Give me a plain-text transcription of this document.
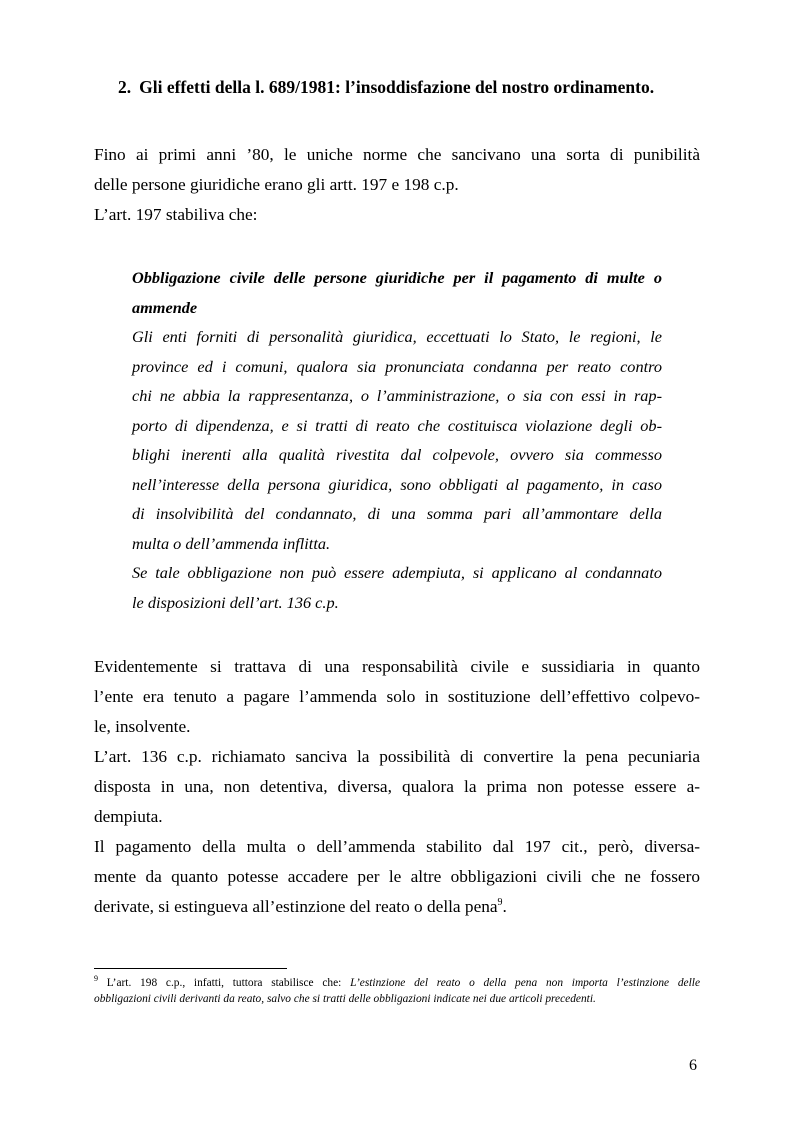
2. Gli effetti della l. 689/1981: l’insoddisfazione del nostro ordinamento.
Fino ai primi anni ’80, le uniche norme che sancivano una sorta di punibilità
delle persone giuridiche erano gli artt. 197 e 198 c.p.
L’art. 197 stabiliva che:
Obbligazione civile delle persone giuridiche per il pagamento di multe o
ammende
Gli enti forniti di personalità giuridica, eccettuati lo Stato, le regioni, le
province ed i comuni, qualora sia pronunciata condanna per reato contro
chi ne abbia la rappresentanza, o l’amministrazione, o sia con essi in rap-
porto di dipendenza, e si tratti di reato che costituisca violazione degli ob-
blighi inerenti alla qualità rivestita dal colpevole, ovvero sia commesso
nell’interesse della persona giuridica, sono obbligati al pagamento, in caso
di insolvibilità del condannato, di una somma pari all’ammontare della
multa o dell’ammenda inflitta.
Se tale obbligazione non può essere adempiuta, si applicano al condannato
le disposizioni dell’art. 136 c.p.
Evidentemente si trattava di una responsabilità civile e sussidiaria in quanto
l’ente era tenuto a pagare l’ammenda solo in sostituzione dell’effettivo colpevo-
le, insolvente.
L’art. 136 c.p. richiamato sanciva la possibilità di convertire la pena pecuniaria
disposta in una, non detentiva, diversa, qualora la prima non potesse essere a-
dempiuta.
Il pagamento della multa o dell’ammenda stabilito dal 197 cit., però, diversa-
mente da quanto potesse accadere per le altre obbligazioni civili che ne fossero
derivate, si estingueva all’estinzione del reato o della pena$^9$.
$^9$ L’art. 198 c.p., infatti, tuttora stabilisce che: L’estinzione del reato o della pena non importa l’estinzione delle
obbligazioni civili derivanti da reato, salvo che si tratti delle obbligazioni indicate nei due articoli precedenti.
6
